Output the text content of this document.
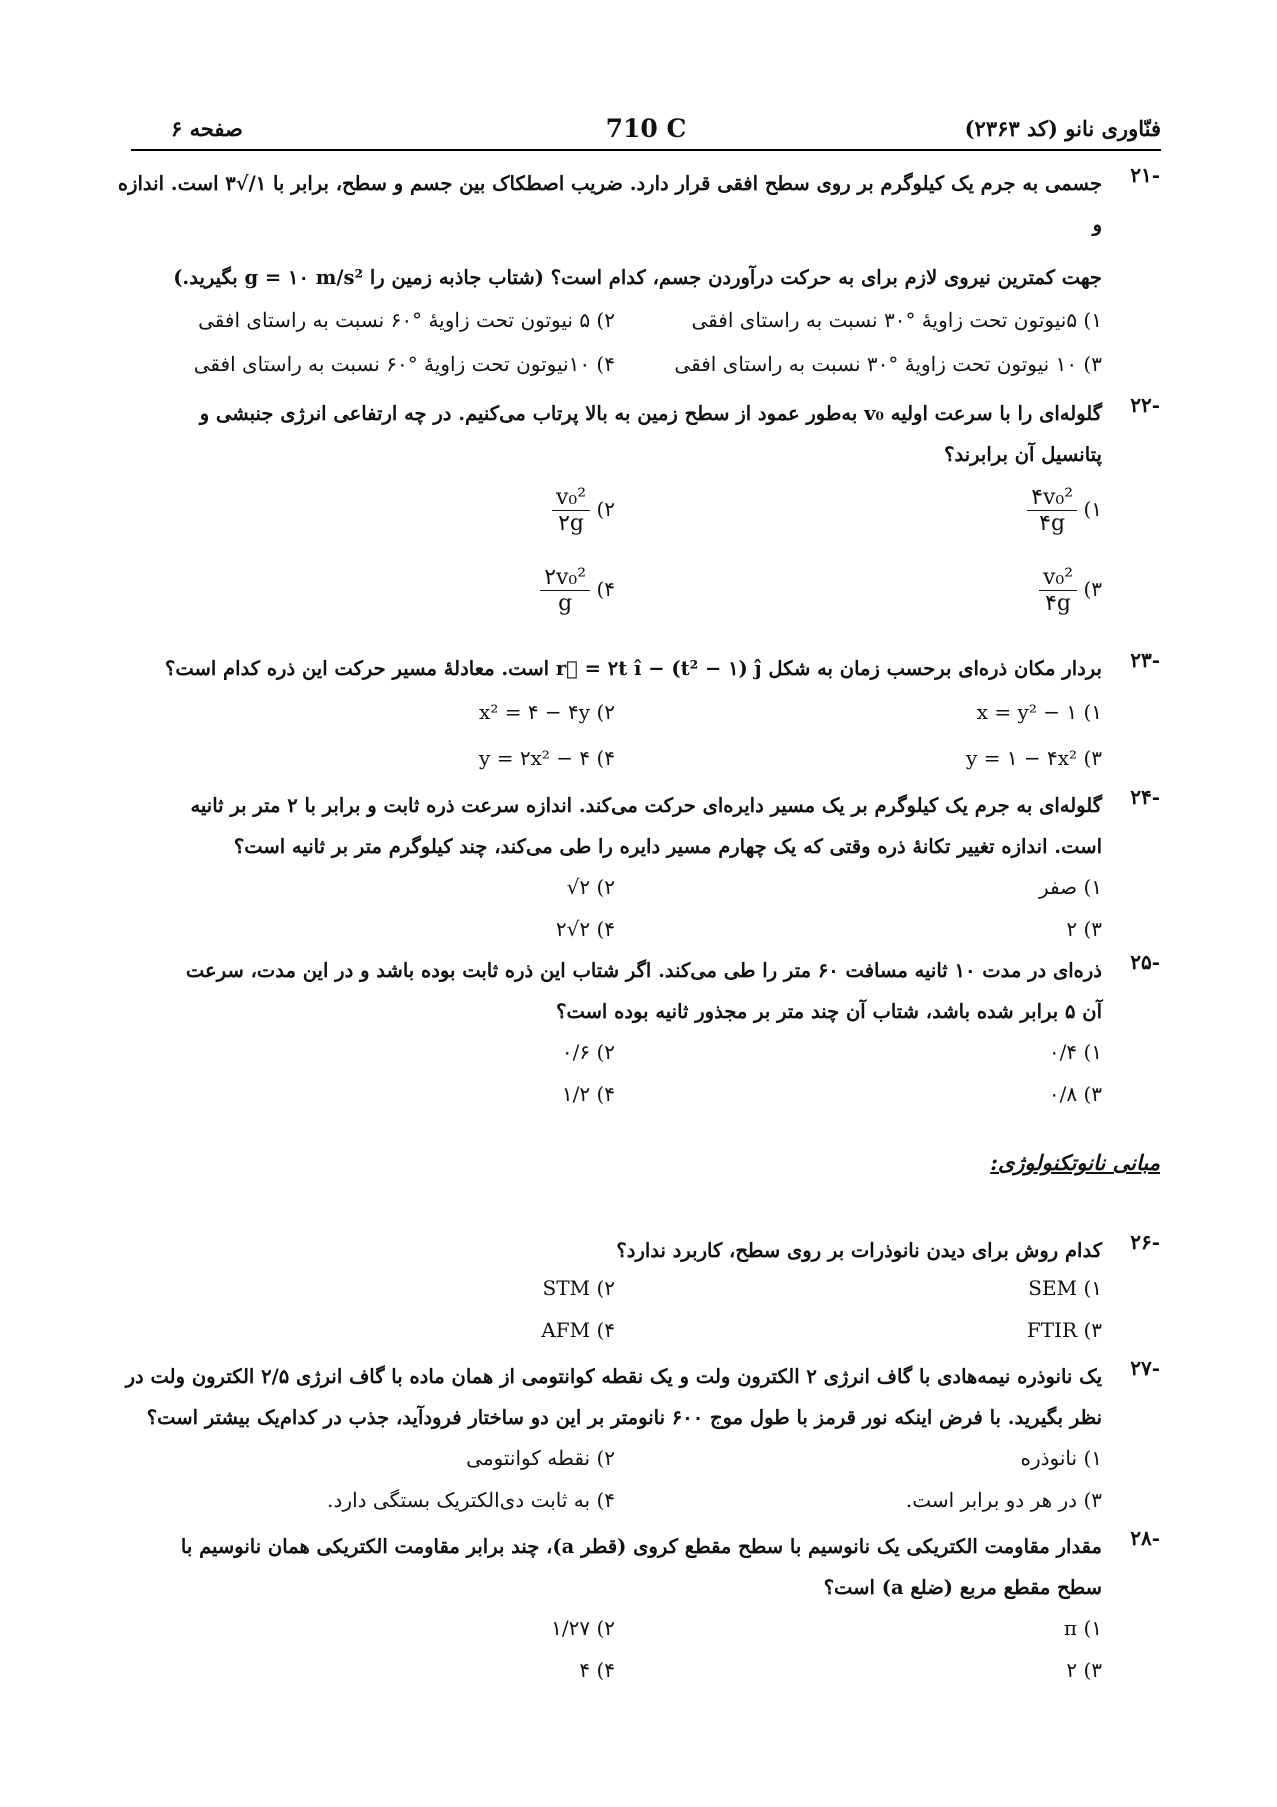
فنّاوری نانو (کد ۲۳۶۳)
710 C
صفحه ۶
-۲۱

جسمی به جرم یک کیلوگرم بر روی سطح افقی قرار دارد. ضریب اصطکاک بین جسم و سطح، برابر با ۱/√۳ است. اندازه و

جهت کمترین نیروی لازم برای به حرکت درآوردن جسم، کدام است؟ (شتاب جاذبه زمین را g = ۱۰ m/s² بگیرید.)

۱) ۵نیوتون تحت زاویهٔ °۳۰ نسبت به راستای افقی
۲) ۵ نیوتون تحت زاویهٔ °۶۰ نسبت به راستای افقی
۳) ۱۰ نیوتون تحت زاویهٔ °۳۰ نسبت به راستای افقی
۴) ۱۰نیوتون تحت زاویهٔ °۶۰ نسبت به راستای افقی
-۲۲

گلوله‌ای را با سرعت اولیه v₀ به‌طور عمود از سطح زمین به بالا پرتاب می‌کنیم. در چه ارتفاعی انرژی جنبشی و

پتانسیل آن برابرند؟

۱)
$\frac{\text{۴v₀²}}{۴g}$
۲)
$\frac{\text{v₀²}}{۲g}$
۳)
$\frac{\text{v₀²}}{۴g}$
۴)
$\frac{\text{۲v₀²}}{g}$
-۲۳

بردار مکان ذره‌ای برحسب زمان به شکل r⃗ = ۲t î − (t² − ۱) ĵ است. معادلهٔ مسیر حرکت این ذره کدام است؟

۱) x = y² − ۱
۲) x² = ۴ − ۴y
۳) y = ۱ − ۴x²
۴) y = ۲x² − ۴
-۲۴

گلوله‌ای به جرم یک کیلوگرم بر یک مسیر دایره‌ای حرکت می‌کند. اندازه سرعت ذره ثابت و برابر با ۲ متر بر ثانیه

است. اندازه تغییر تکانهٔ ذره وقتی که یک چهارم مسیر دایره را طی می‌کند، چند کیلوگرم متر بر ثانیه است؟

۱) صفر
۲) √۲
۳) ۲
۴) ۲√۲
-۲۵

ذره‌ای در مدت ۱۰ ثانیه مسافت ۶۰ متر را طی می‌کند. اگر شتاب این ذره ثابت بوده باشد و در این مدت، سرعت

آن ۵ برابر شده باشد، شتاب آن چند متر بر مجذور ثانیه بوده است؟

۱) ۰/۴
۲) ۰/۶
۳) ۰/۸
۴) ۱/۲
مبانی نانوتکنولوژی:
-۲۶

کدام روش برای دیدن نانوذرات بر روی سطح، کاربرد ندارد؟

۱) SEM
۲) STM
۳) FTIR
۴) AFM
-۲۷

یک نانوذره نیمه‌هادی با گاف انرژی ۲ الکترون ولت و یک نقطه کوانتومی از همان ماده با گاف انرژی ۲/۵ الکترون ولت در

نظر بگیرید. با فرض اینکه نور قرمز با طول موج ۶۰۰ نانومتر بر این دو ساختار فرودآید، جذب در کدام‌یک بیشتر است؟

۱) نانوذره
۲) نقطه کوانتومی
۳) در هر دو برابر است.
۴) به ثابت دی‌الکتریک بستگی دارد.
-۲۸

مقدار مقاومت الکتریکی یک نانوسیم با سطح مقطع کروی (قطر a)، چند برابر مقاومت الکتریکی همان نانوسیم با

سطح مقطع مربع (ضلع a) است؟

۱) π
۲) ۱/۲۷
۳) ۲
۴) ۴
